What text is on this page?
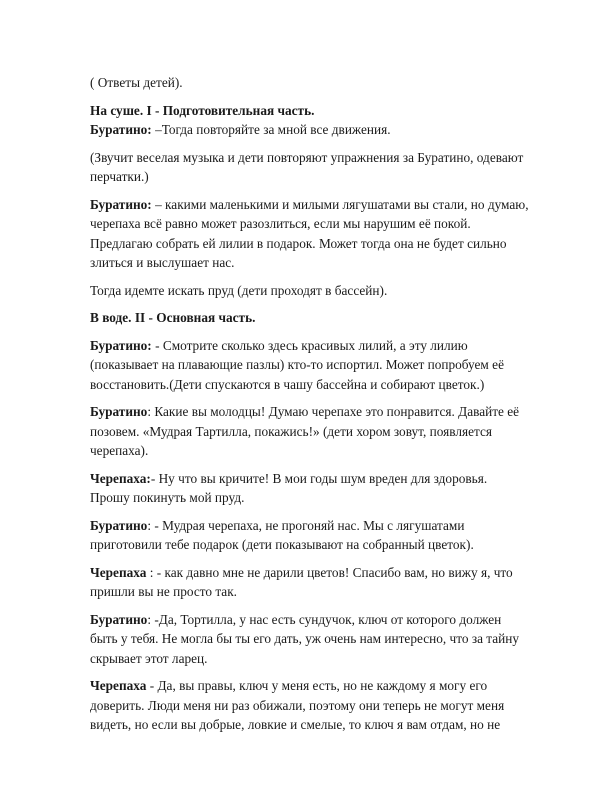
( Ответы детей).

На суше. I - Подготовительная часть.

Буратино: –Тогда повторяйте за мной все движения.

(Звучит веселая музыка и дети повторяют упражнения за Буратино, одевают перчатки.)

Буратино: – какими маленькими и милыми лягушатами вы стали, но думаю, черепаха всё равно может разозлиться, если мы нарушим её покой. Предлагаю собрать ей лилии в подарок. Может тогда она не будет сильно злиться и выслушает нас.

Тогда идемте искать пруд (дети проходят в бассейн).

В воде. II - Основная часть.

Буратино: - Смотрите сколько здесь красивых лилий, а эту лилию (показывает на плавающие пазлы) кто-то испортил. Может попробуем её восстановить.(Дети спускаются в чашу бассейна и собирают цветок.)

Буратино: Какие вы молодцы! Думаю черепахе это понравится. Давайте её позовем. «Мудрая Тартилла, покажись!» (дети хором зовут, появляется черепаха).

Черепаха:- Ну что вы кричите! В мои годы шум вреден для здоровья. Прошу покинуть мой пруд.

Буратино: - Мудрая черепаха, не прогоняй нас. Мы с лягушатами приготовили тебе подарок (дети показывают на собранный цветок).

Черепаха : - как давно мне не дарили цветов! Спасибо вам, но вижу я, что пришли вы не просто так.

Буратино: -Да, Тортилла, у нас есть сундучок, ключ от которого должен быть у тебя. Не могла бы ты его дать, уж очень нам интересно, что за тайну скрывает этот ларец.

Черепаха - Да, вы правы, ключ у меня есть, но не каждому я могу его доверить. Люди меня ни раз обижали, поэтому они теперь не могут меня видеть, но если вы добрые, ловкие и смелые, то ключ я вам отдам, но не
